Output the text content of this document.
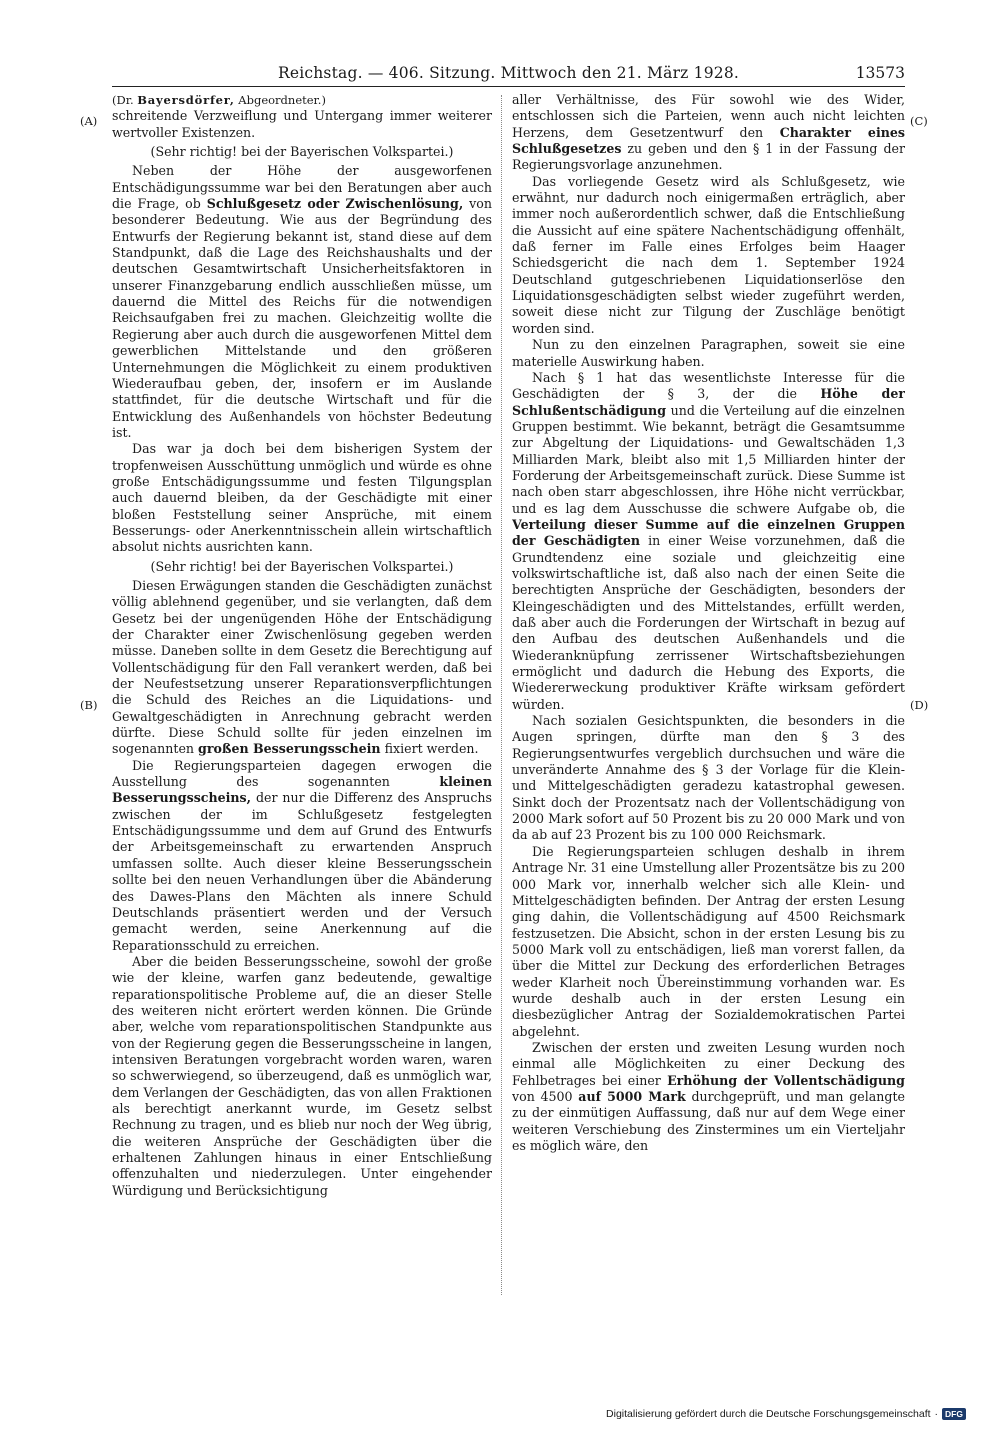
Reichstag. — 406. Sitzung. Mittwoch den 21. März 1928.	13573
(A)
(B)
(C)
(D)

(Dr. Bayersdörfer, Abgeordneter.)

schreitende Verzweiflung und Untergang immer weiterer wertvoller Existenzen.

(Sehr richtig! bei der Bayerischen Volkspartei.)

Neben der Höhe der ausgeworfenen Entschädigungssumme war bei den Beratungen aber auch die Frage, ob Schlußgesetz oder Zwischenlösung, von besonderer Bedeutung. Wie aus der Begründung des Entwurfs der Regierung bekannt ist, stand diese auf dem Standpunkt, daß die Lage des Reichshaushalts und der deutschen Gesamtwirtschaft Unsicherheitsfaktoren in unserer Finanzgebarung endlich ausschließen müsse, um dauernd die Mittel des Reichs für die notwendigen Reichsaufgaben frei zu machen. Gleichzeitig wollte die Regierung aber auch durch die ausgeworfenen Mittel dem gewerblichen Mittelstande und den größeren Unternehmungen die Möglichkeit zu einem produktiven Wiederaufbau geben, der, insofern er im Auslande stattfindet, für die deutsche Wirtschaft und für die Entwicklung des Außenhandels von höchster Bedeutung ist.

Das war ja doch bei dem bisherigen System der tropfenweisen Ausschüttung unmöglich und würde es ohne große Entschädigungssumme und festen Tilgungsplan auch dauernd bleiben, da der Geschädigte mit einer bloßen Feststellung seiner Ansprüche, mit einem Besserungs- oder Anerkenntnisschein allein wirtschaftlich absolut nichts ausrichten kann.

(Sehr richtig! bei der Bayerischen Volkspartei.)

Diesen Erwägungen standen die Geschädigten zunächst völlig ablehnend gegenüber, und sie verlangten, daß dem Gesetz bei der ungenügenden Höhe der Entschädigung der Charakter einer Zwischenlösung gegeben werden müsse. Daneben sollte in dem Gesetz die Berechtigung auf Vollentschädigung für den Fall verankert werden, daß bei der Neufestsetzung unserer Reparationsverpflichtungen die Schuld des Reiches an die Liquidations- und Gewaltgeschädigten in Anrechnung gebracht werden dürfte. Diese Schuld sollte für jeden einzelnen im sogenannten großen Besserungsschein fixiert werden.

Die Regierungsparteien dagegen erwogen die Ausstellung des sogenannten	kleinen Besserungsscheins, der nur die Differenz des Anspruchs zwischen der im Schlußgesetz festgelegten Entschädigungssumme und dem auf Grund des Entwurfs der Arbeitsgemeinschaft zu erwartenden Anspruch umfassen sollte. Auch dieser kleine Besserungsschein sollte bei den neuen Verhandlungen über die Abänderung des Dawes-Plans den Mächten als innere Schuld Deutschlands präsentiert werden und der Versuch gemacht werden, seine Anerkennung auf die Reparationsschuld zu erreichen.

Aber die beiden Besserungsscheine, sowohl der große wie der kleine, warfen ganz bedeutende, gewaltige reparationspolitische Probleme auf, die an dieser Stelle des weiteren nicht erörtert werden können. Die Gründe aber, welche vom reparationspolitischen Standpunkte aus von der Regierung gegen die Besserungsscheine in langen, intensiven Beratungen vorgebracht worden waren, waren so schwerwiegend, so überzeugend, daß es unmöglich war, dem Verlangen der Geschädigten, das von allen Fraktionen als berechtigt anerkannt wurde, im Gesetz selbst Rechnung zu tragen, und es blieb nur noch der Weg übrig, die weiteren Ansprüche der Geschädigten über die erhaltenen Zahlungen hinaus in einer Entschließung offenzuhalten und niederzulegen. Unter eingehender Würdigung und Berücksichtigung

aller Verhältnisse, des Für sowohl wie des Wider, entschlossen sich die Parteien, wenn auch nicht leichten Herzens, dem Gesetzentwurf den Charakter eines Schlußgesetzes zu geben und den § 1 in der Fassung der Regierungsvorlage anzunehmen.

Das vorliegende Gesetz wird als Schlußgesetz, wie erwähnt, nur dadurch noch einigermaßen erträglich, aber immer noch außerordentlich schwer, daß die Entschließung die Aussicht auf eine spätere Nachentschädigung offenhält, daß ferner im Falle eines Erfolges beim Haager Schiedsgericht die nach dem 1. September 1924 Deutschland gutgeschriebenen Liquidationserlöse den Liquidationsgeschädigten selbst wieder zugeführt werden, soweit diese nicht zur Tilgung der Zuschläge benötigt worden sind.

Nun zu den einzelnen Paragraphen, soweit sie eine materielle Auswirkung haben.

Nach § 1 hat das wesentlichste Interesse für die Geschädigten der § 3, der die Höhe der Schlußentschädigung und die Verteilung auf die einzelnen Gruppen bestimmt. Wie bekannt, beträgt die Gesamtsumme zur Abgeltung der Liquidations- und Gewaltschäden 1,3 Milliarden Mark, bleibt also mit 1,5 Milliarden hinter der Forderung der Arbeitsgemeinschaft zurück. Diese Summe ist nach oben starr abgeschlossen, ihre Höhe nicht verrückbar, und es lag dem Ausschusse die schwere Aufgabe ob, die Verteilung dieser Summe auf die einzelnen Gruppen der Geschädigten in einer Weise vorzunehmen, daß die Grundtendenz eine soziale und gleichzeitig eine volkswirtschaftliche ist, daß also nach der einen Seite die berechtigten Ansprüche der Geschädigten, besonders der Kleingeschädigten und des Mittelstandes, erfüllt werden, daß aber auch die Forderungen der Wirtschaft in bezug auf den Aufbau des deutschen Außenhandels und die Wiederanknüpfung zerrissener Wirtschaftsbeziehungen ermöglicht und dadurch die Hebung des Exports, die Wiedererweckung produktiver Kräfte wirksam gefördert würden.

Nach sozialen Gesichtspunkten, die besonders in die Augen springen, dürfte man den § 3 des Regierungsentwurfes vergeblich durchsuchen und wäre die unveränderte Annahme des § 3 der Vorlage für die Klein- und Mittelgeschädigten geradezu katastrophal gewesen. Sinkt doch der Prozentsatz nach der Vollentschädigung von 2000 Mark sofort auf 50 Prozent bis zu 20 000 Mark und von da ab auf 23 Prozent bis zu 100 000 Reichsmark.

Die Regierungsparteien schlugen deshalb in ihrem Antrage Nr. 31 eine Umstellung aller Prozentsätze bis zu 200 000 Mark vor, innerhalb welcher sich alle Klein- und Mittelgeschädigten befinden. Der Antrag der ersten Lesung ging dahin, die Vollentschädigung auf 4500 Reichsmark festzusetzen. Die Absicht, schon in der ersten Lesung bis zu 5000 Mark voll zu entschädigen, ließ man vorerst fallen, da über die Mittel zur Deckung des erforderlichen Betrages weder Klarheit noch Übereinstimmung vorhanden war. Es wurde deshalb auch in der ersten Lesung ein diesbezüglicher Antrag der Sozialdemokratischen Partei abgelehnt.

Zwischen der ersten und zweiten Lesung wurden noch einmal alle Möglichkeiten zu einer Deckung des Fehlbetrages bei einer Erhöhung der Vollentschädigung von 4500 auf 5000 Mark durchgeprüft, und man gelangte zu der einmütigen Auffassung, daß nur auf dem Wege einer weiteren Verschiebung des Zinstermines um ein Vierteljahr es möglich wäre, den

Digitalisierung gefördert durch die Deutsche Forschungsgemeinschaft · DFG
